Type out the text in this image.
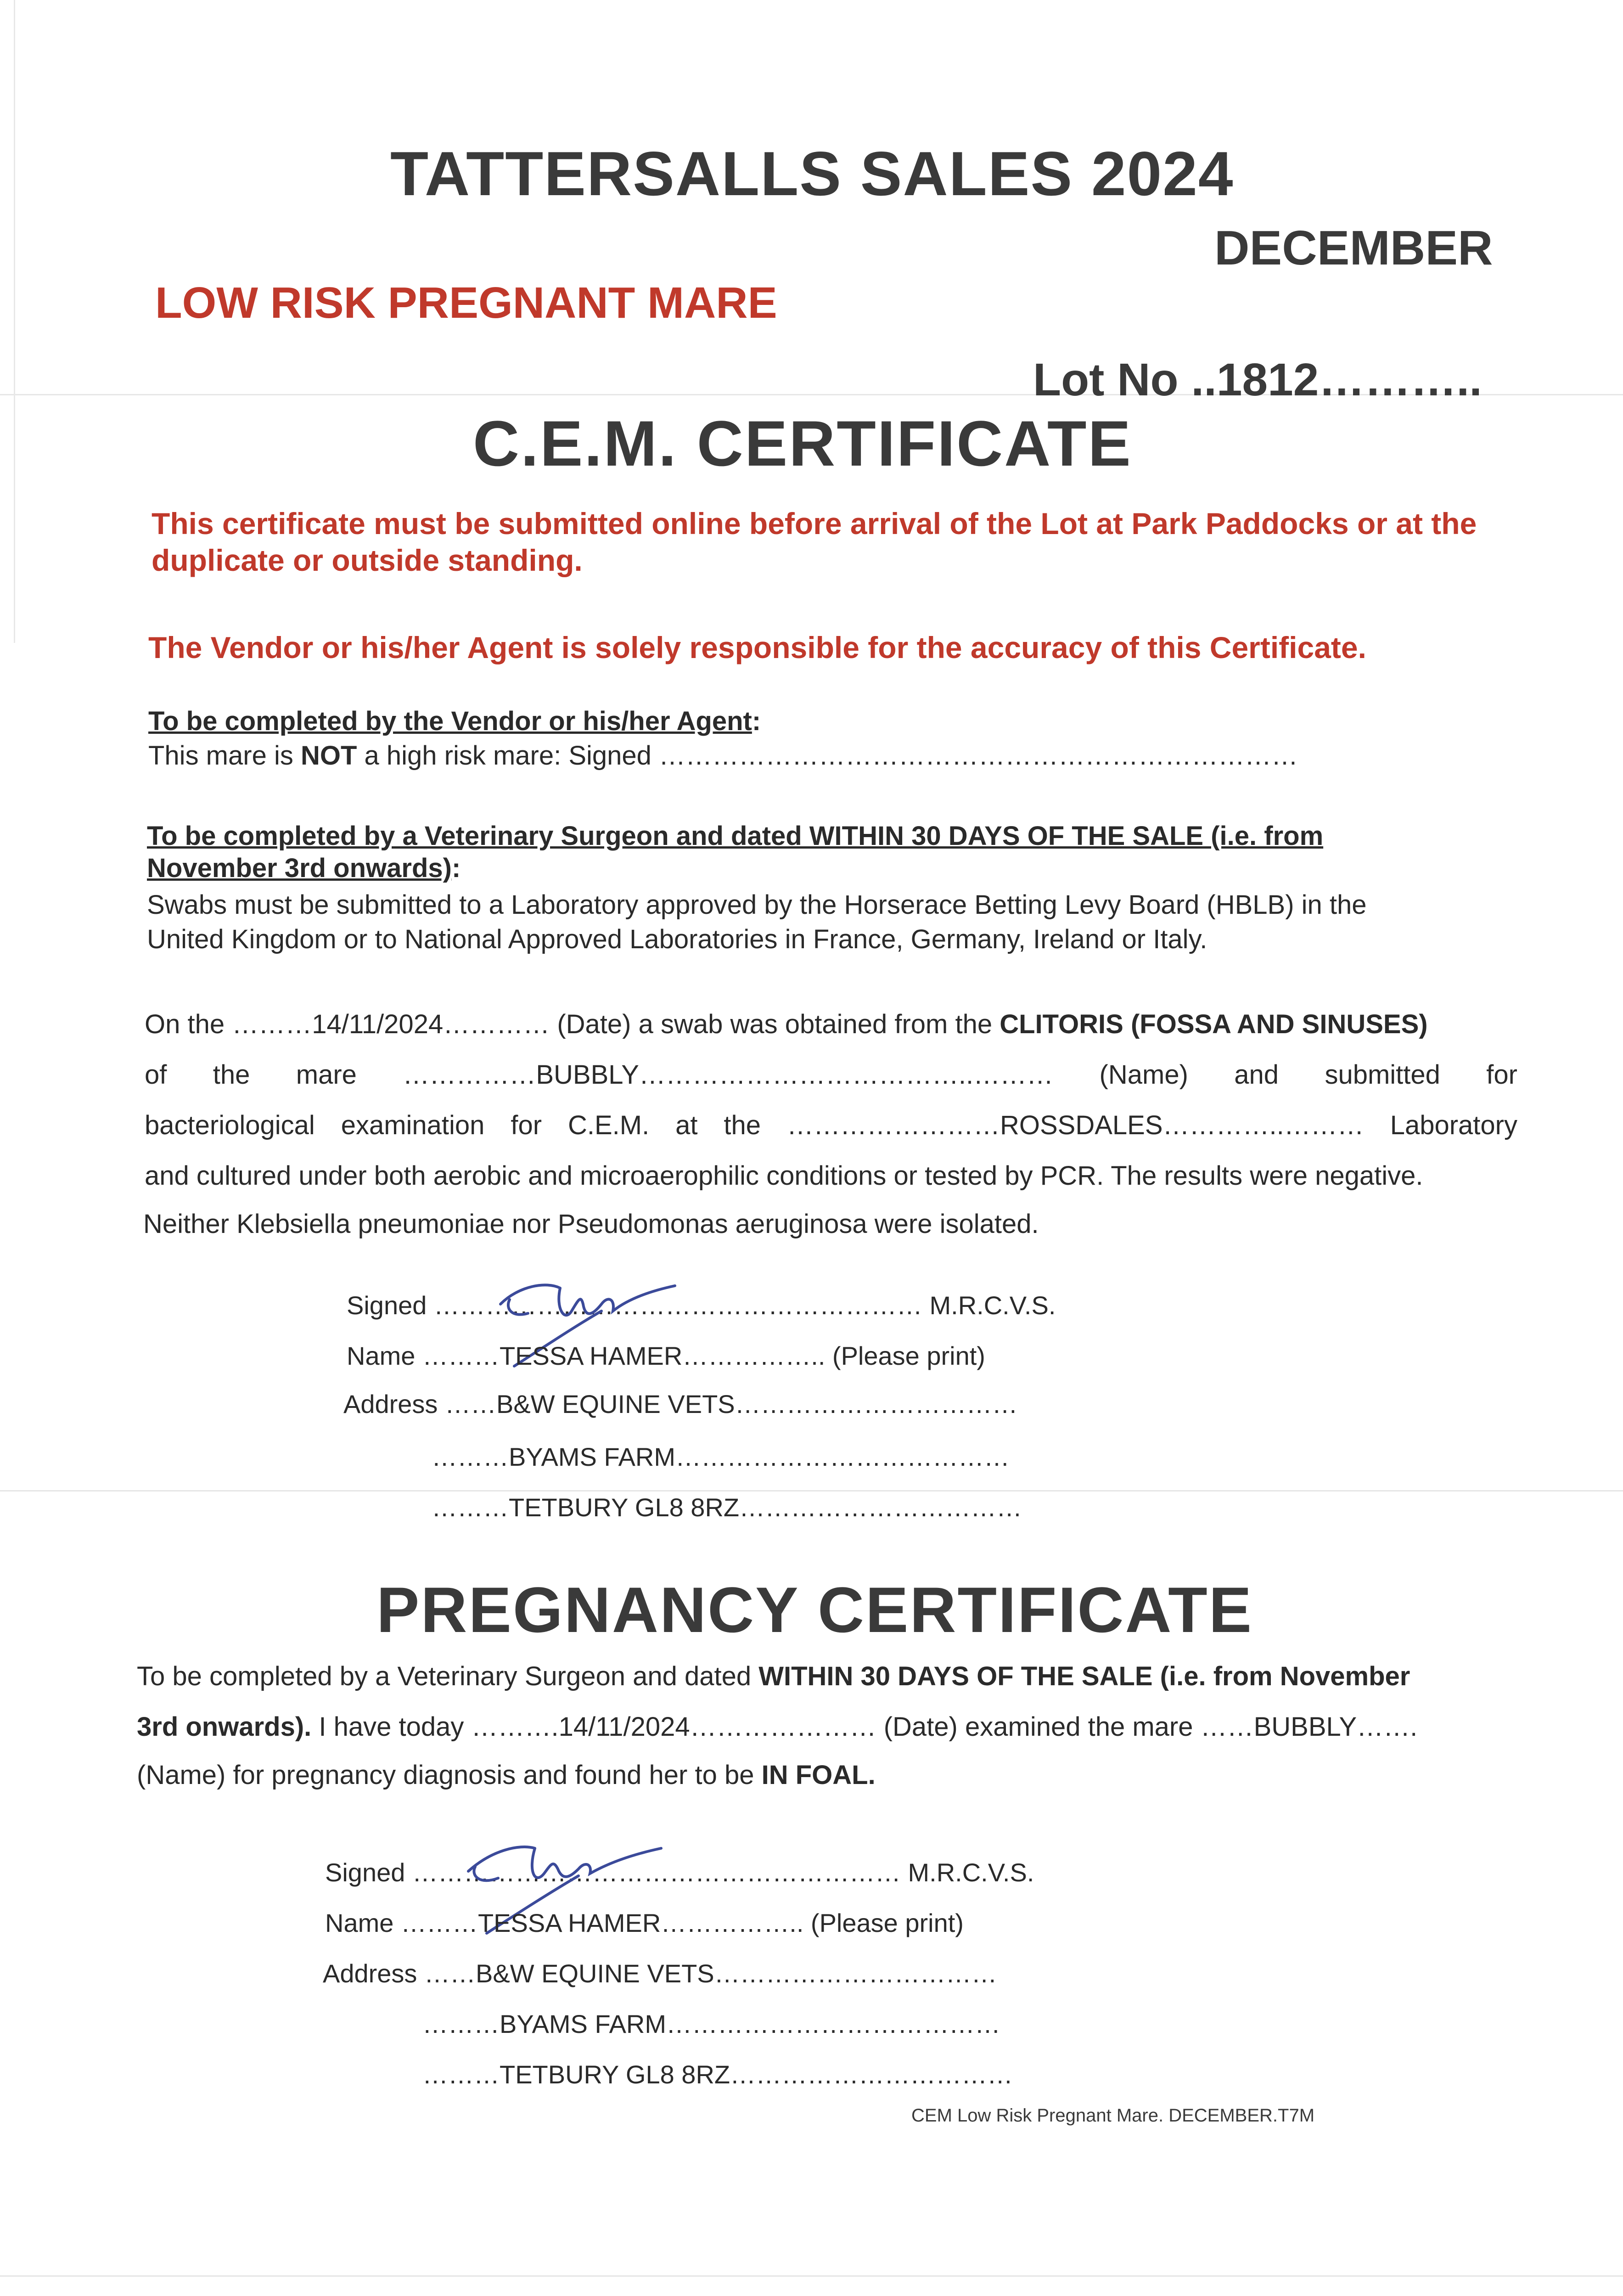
TATTERSALLS SALES 2024
DECEMBER
LOW RISK PREGNANT MARE
Lot No ..1812………..
C.E.M. CERTIFICATE
This certificate must be submitted online before arrival of the Lot at Park Paddocks or at the duplicate or outside standing.
The Vendor or his/her Agent is solely responsible for the accuracy of this Certificate.
To be completed by the Vendor or his/her Agent:
This mare is NOT a high risk mare: Signed ………………………………………………………………
To be completed by a Veterinary Surgeon and dated WITHIN 30 DAYS OF THE SALE (i.e. from
November 3rd onwards):
Swabs must be submitted to a Laboratory approved by the Horserace Betting Levy Board (HBLB) in the
United Kingdom or to National Approved Laboratories in France, Germany, Ireland or Italy.
On the ………14/11/2024………… (Date) a swab was obtained from the CLITORIS (FOSSA AND SINUSES)
of the mare ……………BUBBLY………………………………..……… (Name) and submitted for
bacteriological examination for C.E.M. at the ……………………ROSSDALES…………..……… Laboratory
and cultured under both aerobic and microaerophilic conditions or tested by PCR. The results were negative.
Neither Klebsiella pneumoniae nor Pseudomonas aeruginosa were isolated.
Signed ………………………………………………… M.R.C.V.S.
Name ………TESSA HAMER…………….. (Please print)
Address ……B&W EQUINE VETS……………………………
………BYAMS FARM…………………………………
………TETBURY GL8 8RZ……………………………
PREGNANCY CERTIFICATE
To be completed by a Veterinary Surgeon and dated WITHIN 30 DAYS OF THE SALE (i.e. from November
3rd onwards). I have today ……….14/11/2024………………… (Date) examined the mare ……BUBBLY…….
(Name) for pregnancy diagnosis and found her to be IN FOAL.
Signed ………………………………………………… M.R.C.V.S.
Name ………TESSA HAMER…………….. (Please print)
Address ……B&W EQUINE VETS……………………………
………BYAMS FARM…………………………………
………TETBURY GL8 8RZ……………………………
CEM Low Risk Pregnant Mare. DECEMBER.T7M
